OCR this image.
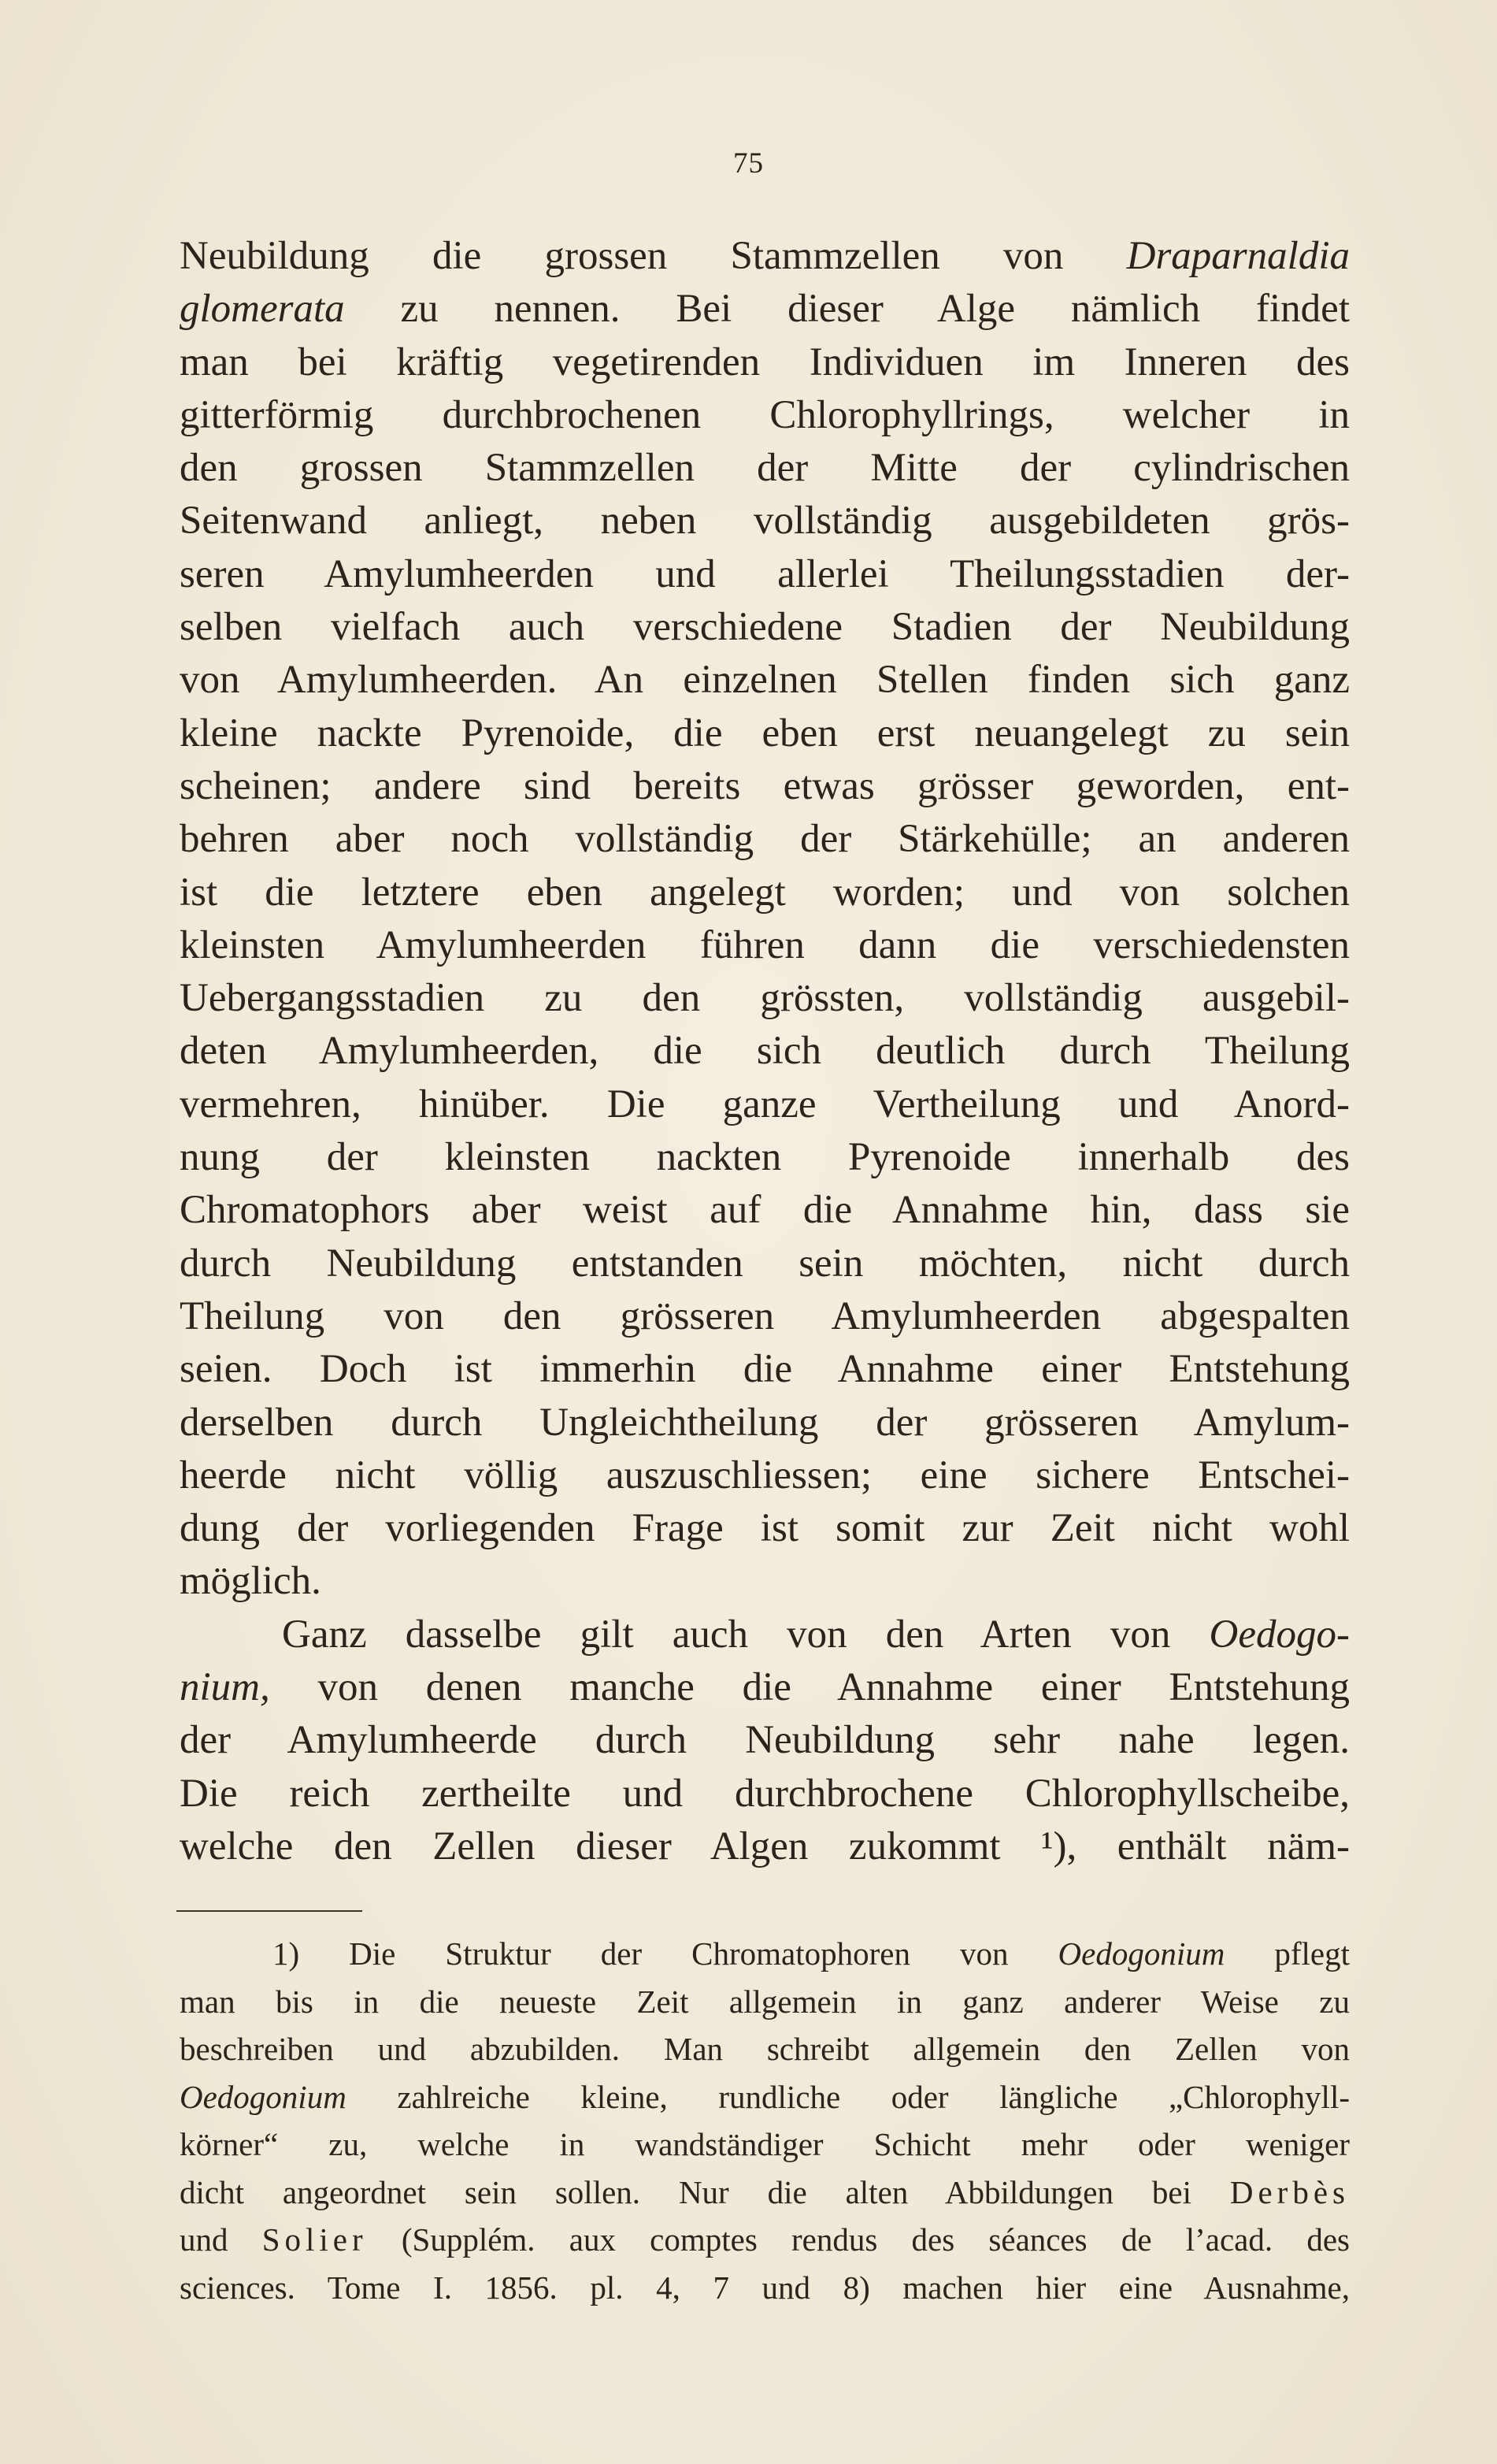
75
Neubildung die grossen Stammzellen von Draparnaldia
glomerata zu nennen. Bei dieser Alge nämlich findet
man bei kräftig vegetirenden Individuen im Inneren des
gitterförmig durchbrochenen Chlorophyllrings, welcher in
den grossen Stammzellen der Mitte der cylindrischen
Seitenwand anliegt, neben vollständig ausgebildeten grös-
seren Amylumheerden und allerlei Theilungsstadien der-
selben vielfach auch verschiedene Stadien der Neubildung
von Amylumheerden. An einzelnen Stellen finden sich ganz
kleine nackte Pyrenoide, die eben erst neuangelegt zu sein
scheinen; andere sind bereits etwas grösser geworden, ent-
behren aber noch vollständig der Stärkehülle; an anderen
ist die letztere eben angelegt worden; und von solchen
kleinsten Amylumheerden führen dann die verschiedensten
Uebergangsstadien zu den grössten, vollständig ausgebil-
deten Amylumheerden, die sich deutlich durch Theilung
vermehren, hinüber. Die ganze Vertheilung und Anord-
nung der kleinsten nackten Pyrenoide innerhalb des
Chromatophors aber weist auf die Annahme hin, dass sie
durch Neubildung entstanden sein möchten, nicht durch
Theilung von den grösseren Amylumheerden abgespalten
seien. Doch ist immerhin die Annahme einer Entstehung
derselben durch Ungleichtheilung der grösseren Amylum-
heerde nicht völlig auszuschliessen; eine sichere Entschei-
dung der vorliegenden Frage ist somit zur Zeit nicht wohl
möglich.
Ganz dasselbe gilt auch von den Arten von Oedogo-
nium, von denen manche die Annahme einer Entstehung
der Amylumheerde durch Neubildung sehr nahe legen.
Die reich zertheilte und durchbrochene Chlorophyllscheibe,
welche den Zellen dieser Algen zukommt ¹), enthält näm-
1) Die Struktur der Chromatophoren von Oedogonium pflegt
man bis in die neueste Zeit allgemein in ganz anderer Weise zu
beschreiben und abzubilden. Man schreibt allgemein den Zellen von
Oedogonium zahlreiche kleine, rundliche oder längliche „Chlorophyll-
körner“ zu, welche in wandständiger Schicht mehr oder weniger
dicht angeordnet sein sollen. Nur die alten Abbildungen bei Derbès
und Solier (Supplém. aux comptes rendus des séances de l’acad. des
sciences. Tome I. 1856. pl. 4, 7 und 8) machen hier eine Ausnahme,
